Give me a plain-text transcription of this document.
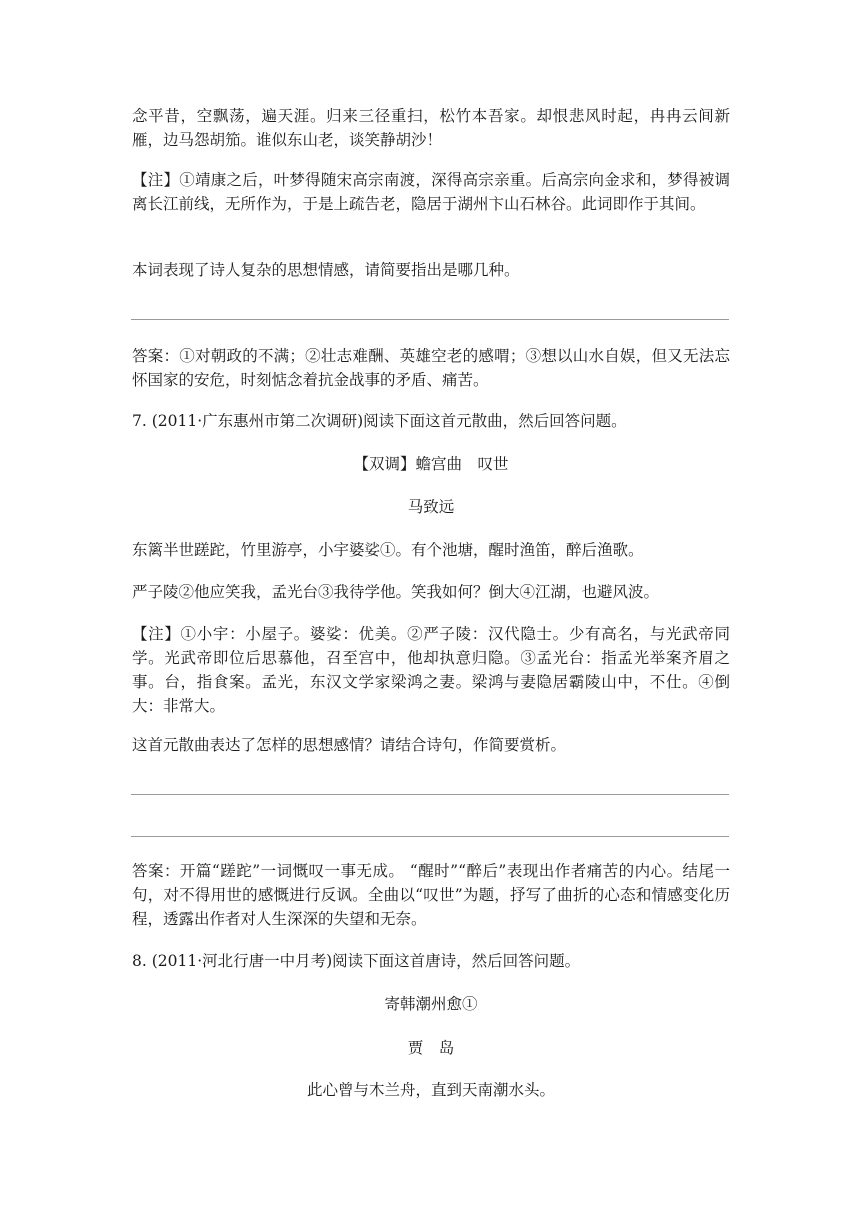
念平昔，空飘荡，遍天涯。归来三径重扫，松竹本吾家。却恨悲风时起，冉冉云间新雁，边马怨胡笳。谁似东山老，谈笑静胡沙！

【注】①靖康之后，叶梦得随宋高宗南渡，深得高宗亲重。后高宗向金求和，梦得被调离长江前线，无所作为，于是上疏告老，隐居于湖州卞山石林谷。此词即作于其间。

本词表现了诗人复杂的思想情感，请简要指出是哪几种。

答案：①对朝政的不满；②壮志难酬、英雄空老的感喟；③想以山水自娱，但又无法忘怀国家的安危，时刻惦念着抗金战事的矛盾、痛苦。

7. (2011·广东惠州市第二次调研)阅读下面这首元散曲，然后回答问题。

【双调】蟾宫曲　叹世

马致远

东篱半世蹉跎，竹里游亭，小宇婆娑①。有个池塘，醒时渔笛，醉后渔歌。

严子陵②他应笑我，孟光台③我待学他。笑我如何？倒大④江湖，也避风波。

【注】①小宇：小屋子。婆娑：优美。②严子陵：汉代隐士。少有高名，与光武帝同学。光武帝即位后思慕他，召至宫中，他却执意归隐。③孟光台：指孟光举案齐眉之事。台，指食案。孟光，东汉文学家梁鸿之妻。梁鸿与妻隐居霸陵山中，不仕。④倒大：非常大。

这首元散曲表达了怎样的思想感情？请结合诗句，作简要赏析。

答案：开篇“蹉跎”一词慨叹一事无成。 “醒时”“醉后”表现出作者痛苦的内心。结尾一句，对不得用世的感慨进行反讽。全曲以“叹世”为题，抒写了曲折的心态和情感变化历程，透露出作者对人生深深的失望和无奈。

8. (2011·河北行唐一中月考)阅读下面这首唐诗，然后回答问题。

寄韩潮州愈①

贾　岛

此心曾与木兰舟，直到天南潮水头。
